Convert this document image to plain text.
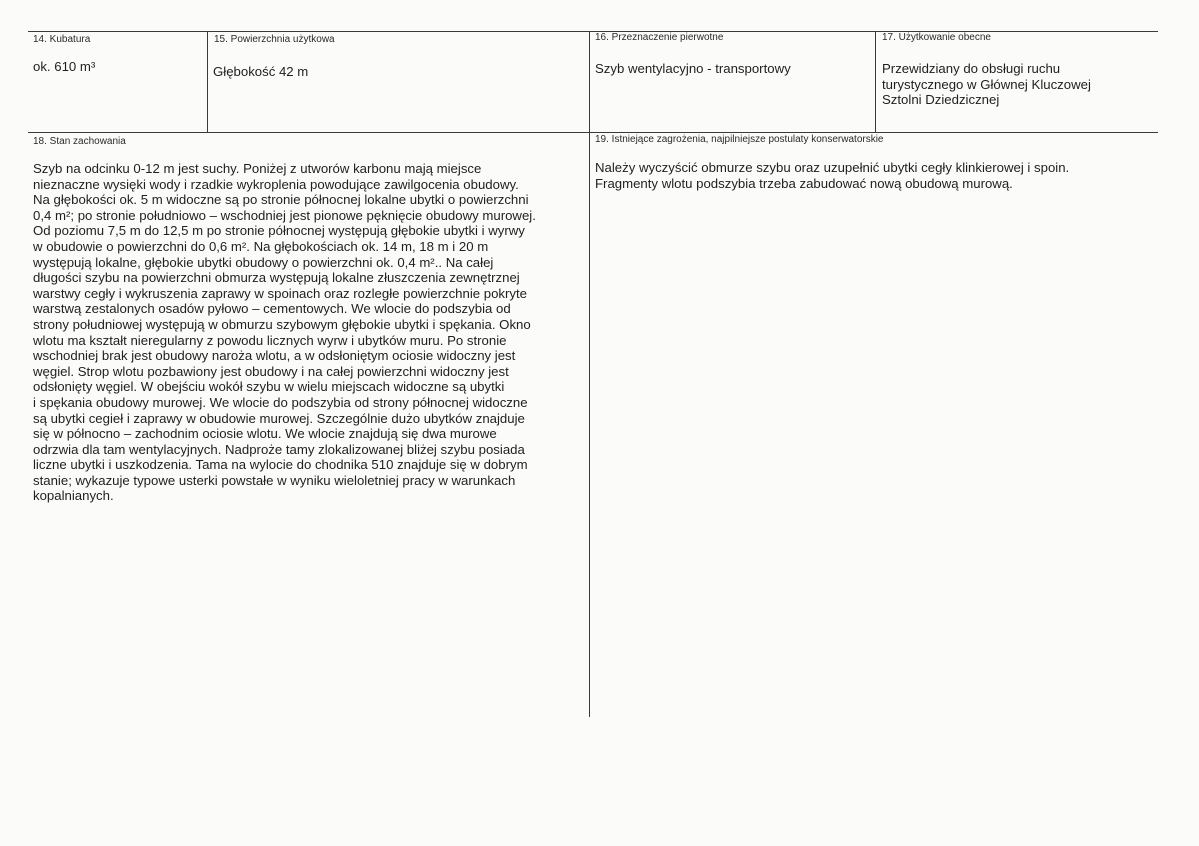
14. Kubatura

ok. 610 m³

15. Powierzchnia użytkowa

Głębokość 42 m

16. Przeznaczenie pierwotne

Szyb wentylacyjno - transportowy

17. Użytkowanie obecne

Przewidziany do obsługi ruchu

turystycznego w Głównej Kluczowej

Sztolni Dziedzicznej

18. Stan zachowania

Szyb na odcinku 0-12 m jest suchy. Poniżej z utworów karbonu mają miejsce

nieznaczne wysięki wody i rzadkie wykroplenia powodujące zawilgocenia obudowy.

Na głębokości ok. 5 m widoczne są po stronie północnej lokalne ubytki o powierzchni

0,4 m²; po stronie południowo – wschodniej jest pionowe pęknięcie obudowy murowej.

Od poziomu 7,5 m do 12,5 m po stronie północnej występują głębokie ubytki i wyrwy

w obudowie o powierzchni do 0,6 m². Na głębokościach ok. 14 m, 18 m i 20 m

występują lokalne, głębokie ubytki obudowy o powierzchni ok. 0,4 m².. Na całej

długości szybu na powierzchni obmurza występują lokalne złuszczenia zewnętrznej

warstwy cegły i wykruszenia zaprawy w spoinach oraz rozległe powierzchnie pokryte

warstwą zestalonych osadów pyłowo – cementowych. We wlocie do podszybia od

strony południowej występują w obmurzu szybowym głębokie ubytki i spękania. Okno

wlotu ma kształt nieregularny z powodu licznych wyrw i ubytków muru. Po stronie

wschodniej brak jest obudowy naroża wlotu, a w odsłoniętym ociosie widoczny jest

węgiel. Strop wlotu pozbawiony jest obudowy i na całej powierzchni widoczny jest

odsłonięty węgiel. W obejściu wokół szybu w wielu miejscach widoczne są ubytki

i spękania obudowy murowej. We wlocie do podszybia od strony północnej widoczne

są ubytki cegieł i zaprawy w obudowie murowej. Szczególnie dużo ubytków znajduje

się w północno – zachodnim ociosie wlotu. We wlocie znajdują się dwa murowe

odrzwia dla tam wentylacyjnych. Nadproże tamy zlokalizowanej bliżej szybu posiada

liczne ubytki i uszkodzenia. Tama na wylocie do chodnika 510 znajduje się w dobrym

stanie; wykazuje typowe usterki powstałe w wyniku wieloletniej pracy w warunkach

kopalnianych.

19. Istniejące zagrożenia, najpilniejsze postulaty konserwatorskie

Należy wyczyścić obmurze szybu oraz uzupełnić ubytki cegły klinkierowej i spoin.

Fragmenty wlotu podszybia trzeba zabudować nową obudową murową.
